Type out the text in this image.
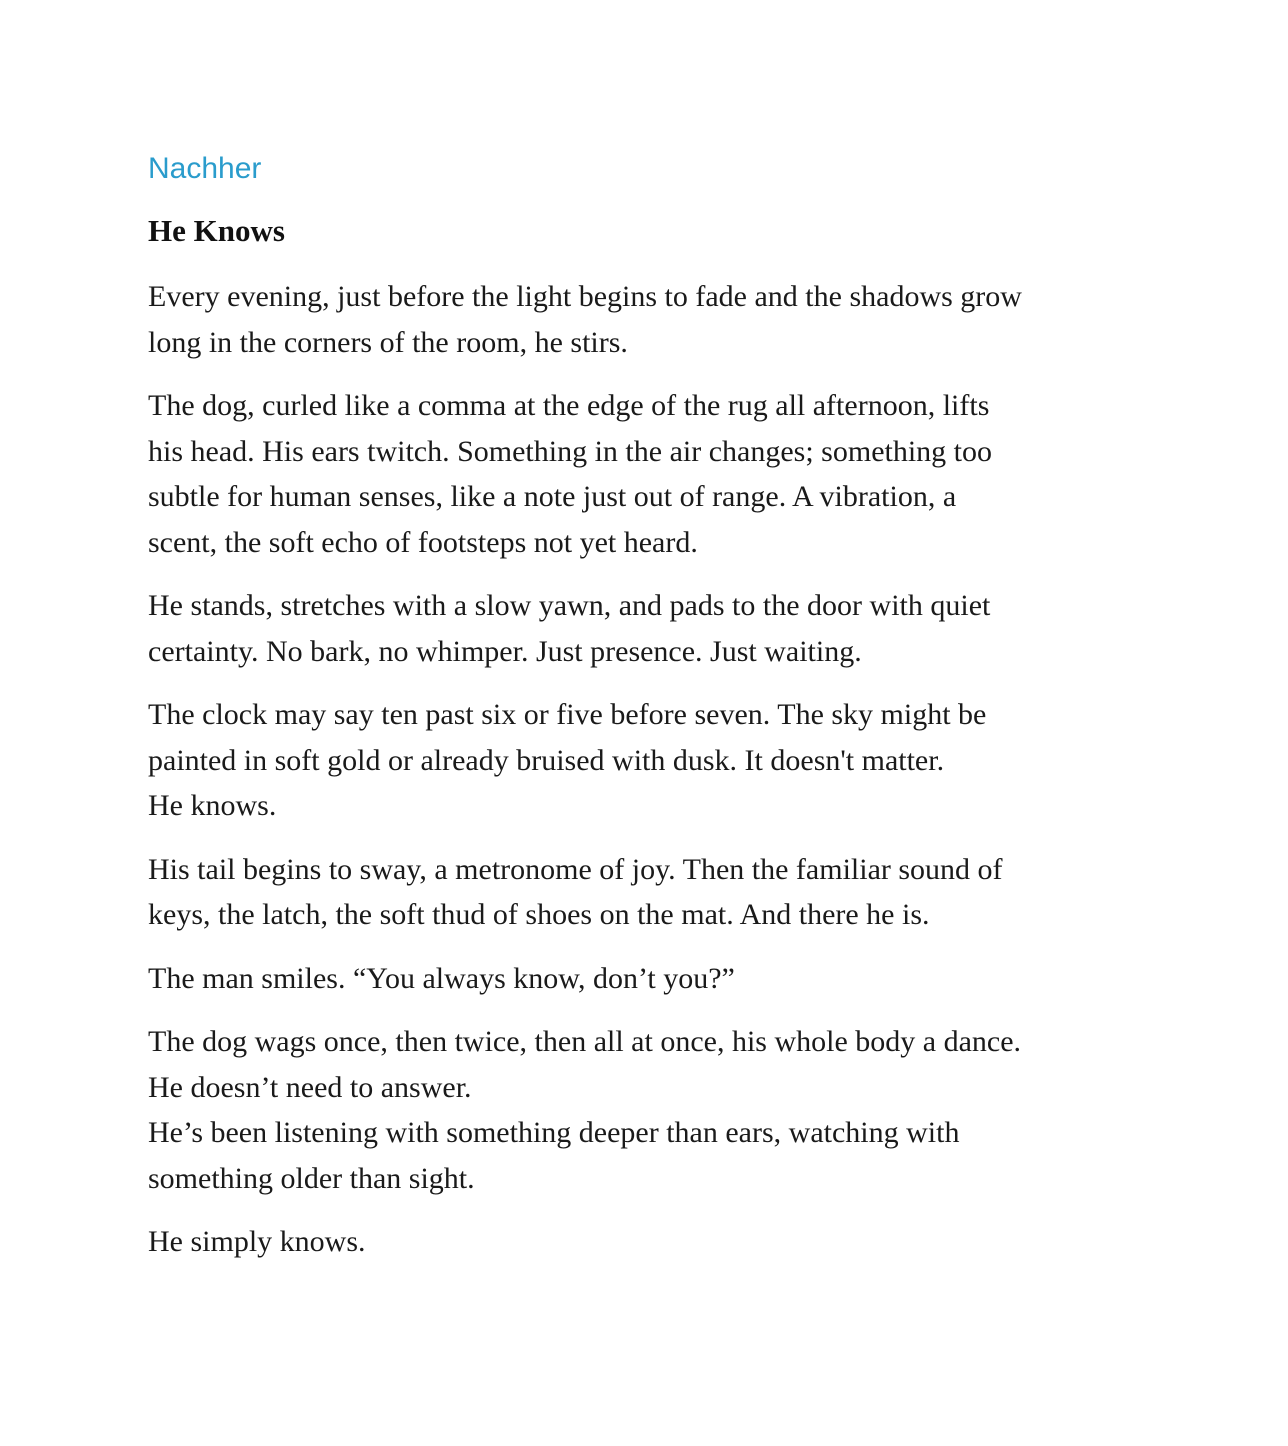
Nachher
He Knows

Every evening, just before the light begins to fade and the shadows grow
long in the corners of the room, he stirs.

The dog, curled like a comma at the edge of the rug all afternoon, lifts
his head. His ears twitch. Something in the air changes; something too
subtle for human senses, like a note just out of range. A vibration, a
scent, the soft echo of footsteps not yet heard.

He stands, stretches with a slow yawn, and pads to the door with quiet
certainty. No bark, no whimper. Just presence. Just waiting.

The clock may say ten past six or five before seven. The sky might be
painted in soft gold or already bruised with dusk. It doesn't matter.
He knows.

His tail begins to sway, a metronome of joy. Then the familiar sound of
keys, the latch, the soft thud of shoes on the mat. And there he is.

The man smiles. “You always know, don’t you?”

The dog wags once, then twice, then all at once, his whole body a dance.
He doesn’t need to answer.
He’s been listening with something deeper than ears, watching with
something older than sight.

He simply knows.
